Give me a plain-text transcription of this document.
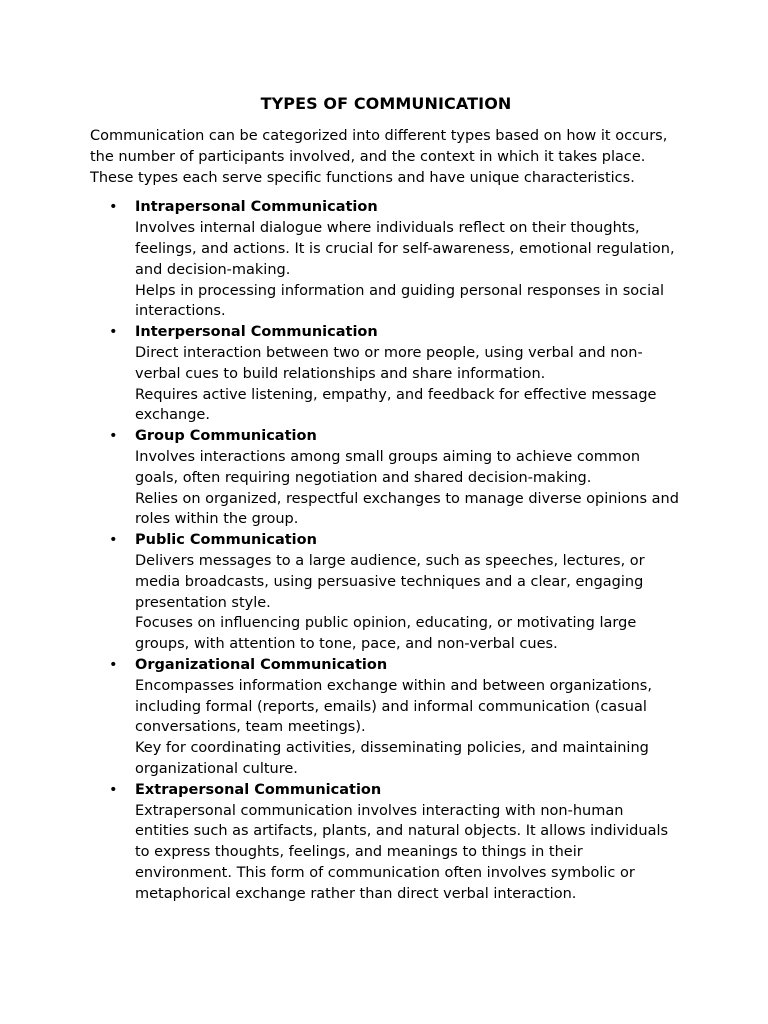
TYPES OF COMMUNICATION

Communication can be categorized into different types based on how it occurs, the number of participants involved, and the context in which it takes place. These types each serve specific functions and have unique characteristics.

• Intrapersonal Communication
Involves internal dialogue where individuals reflect on their thoughts, feelings, and actions. It is crucial for self-awareness, emotional regulation, and decision-making.
Helps in processing information and guiding personal responses in social interactions.
• Interpersonal Communication
Direct interaction between two or more people, using verbal and non-verbal cues to build relationships and share information.
Requires active listening, empathy, and feedback for effective message exchange.
• Group Communication
Involves interactions among small groups aiming to achieve common goals, often requiring negotiation and shared decision-making.
Relies on organized, respectful exchanges to manage diverse opinions and roles within the group.
• Public Communication
Delivers messages to a large audience, such as speeches, lectures, or media broadcasts, using persuasive techniques and a clear, engaging presentation style.
Focuses on influencing public opinion, educating, or motivating large groups, with attention to tone, pace, and non-verbal cues.
• Organizational Communication
Encompasses information exchange within and between organizations, including formal (reports, emails) and informal communication (casual conversations, team meetings).
Key for coordinating activities, disseminating policies, and maintaining organizational culture.
• Extrapersonal Communication
Extrapersonal communication involves interacting with non-human entities such as artifacts, plants, and natural objects. It allows individuals to express thoughts, feelings, and meanings to things in their environment. This form of communication often involves symbolic or metaphorical exchange rather than direct verbal interaction.
